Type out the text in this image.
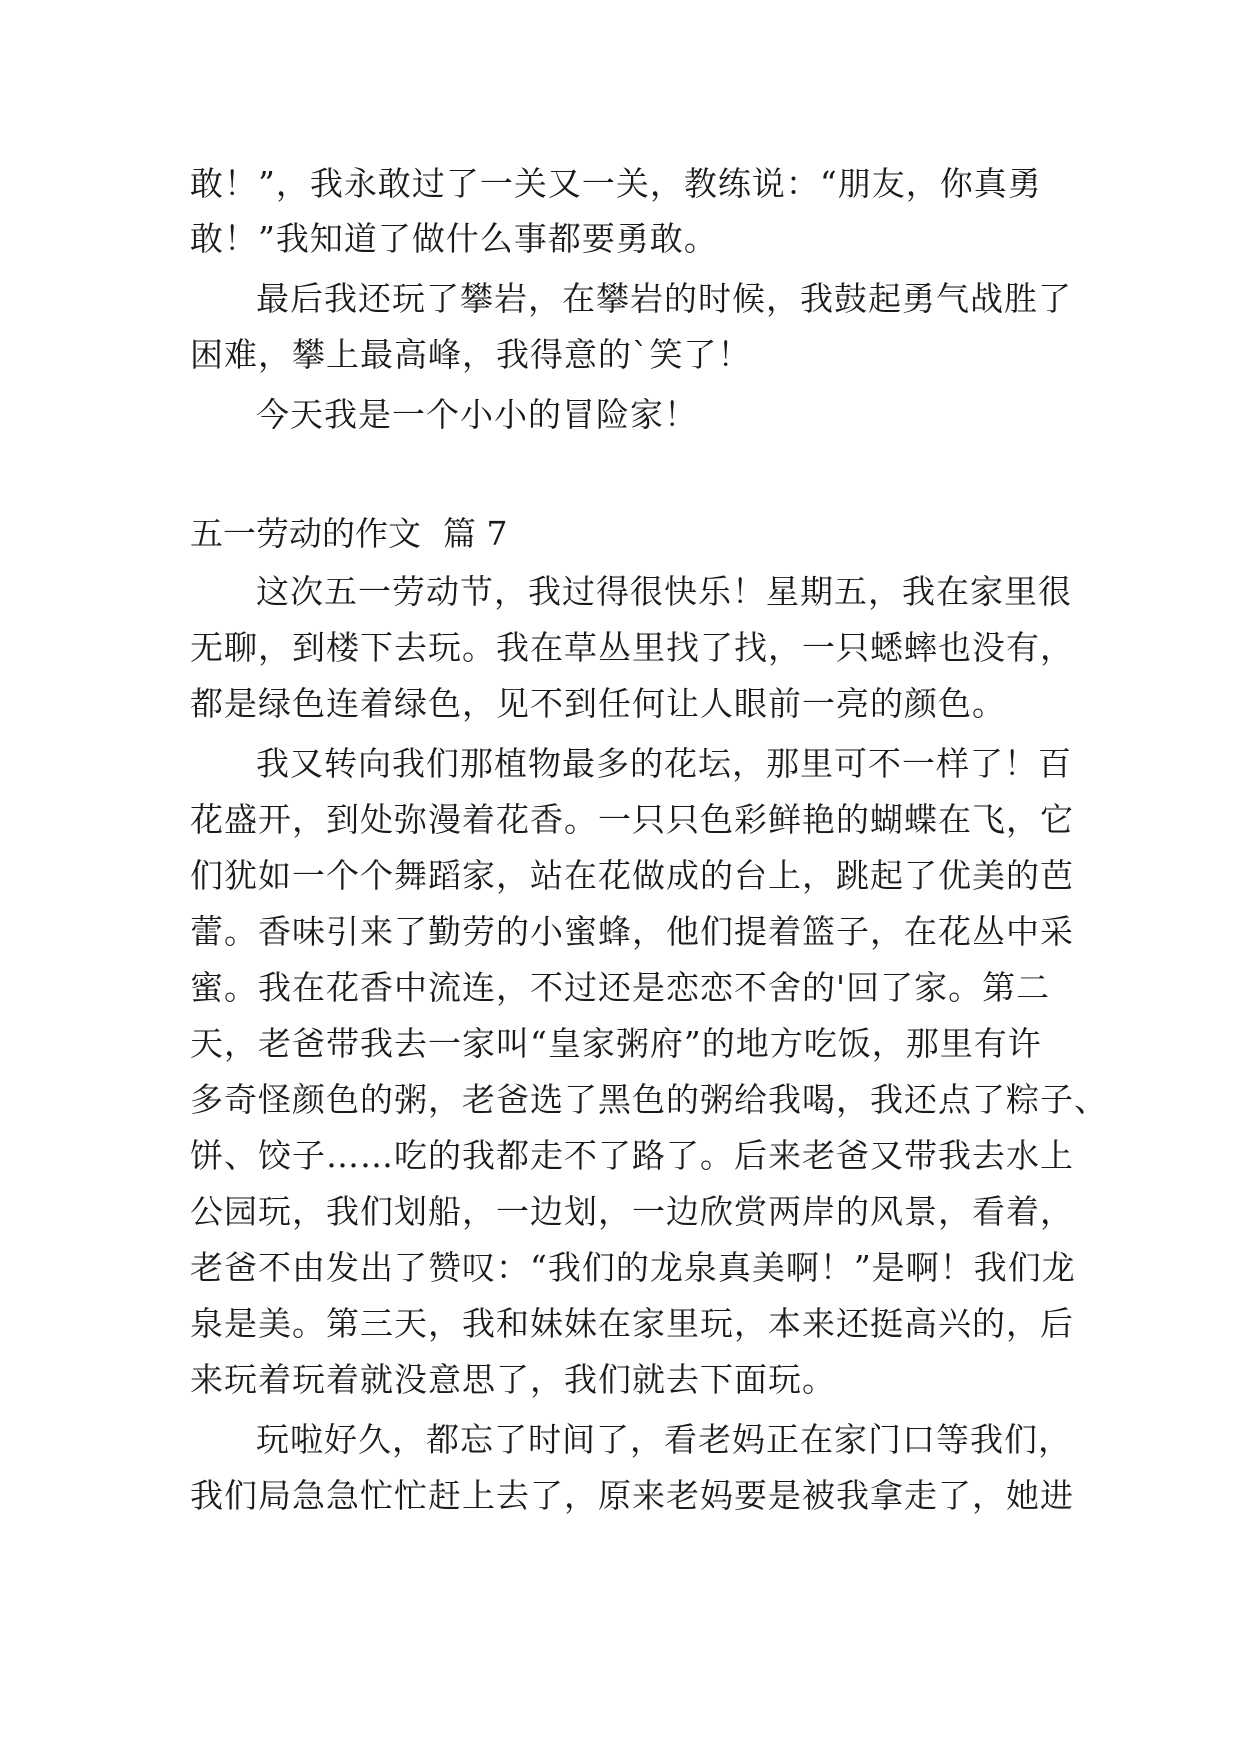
敢！”，我永敢过了一关又一关，教练说：“朋友，你真勇
敢！”我知道了做什么事都要勇敢。
最后我还玩了攀岩，在攀岩的时候，我鼓起勇气战胜了
困难，攀上最高峰，我得意的`笑了！
今天我是一个小小的冒险家！
五一劳动的作文 篇 7
这次五一劳动节，我过得很快乐！星期五，我在家里很
无聊，到楼下去玩。我在草丛里找了找，一只蟋蟀也没有，
都是绿色连着绿色，见不到任何让人眼前一亮的颜色。
我又转向我们那植物最多的花坛，那里可不一样了！百
花盛开，到处弥漫着花香。一只只色彩鲜艳的蝴蝶在飞，它
们犹如一个个舞蹈家，站在花做成的台上，跳起了优美的芭
蕾。香味引来了勤劳的小蜜蜂，他们提着篮子，在花丛中采
蜜。我在花香中流连，不过还是恋恋不舍的'回了家。第二
天，老爸带我去一家叫“皇家粥府”的地方吃饭，那里有许
多奇怪颜色的粥，老爸选了黑色的粥给我喝，我还点了粽子、
饼、饺子……吃的我都走不了路了。后来老爸又带我去水上
公园玩，我们划船，一边划，一边欣赏两岸的风景，看着，
老爸不由发出了赞叹：“我们的龙泉真美啊！”是啊！我们龙
泉是美。第三天，我和妹妹在家里玩，本来还挺高兴的，后
来玩着玩着就没意思了，我们就去下面玩。
玩啦好久，都忘了时间了，看老妈正在家门口等我们，
我们局急急忙忙赶上去了，原来老妈要是被我拿走了，她进
